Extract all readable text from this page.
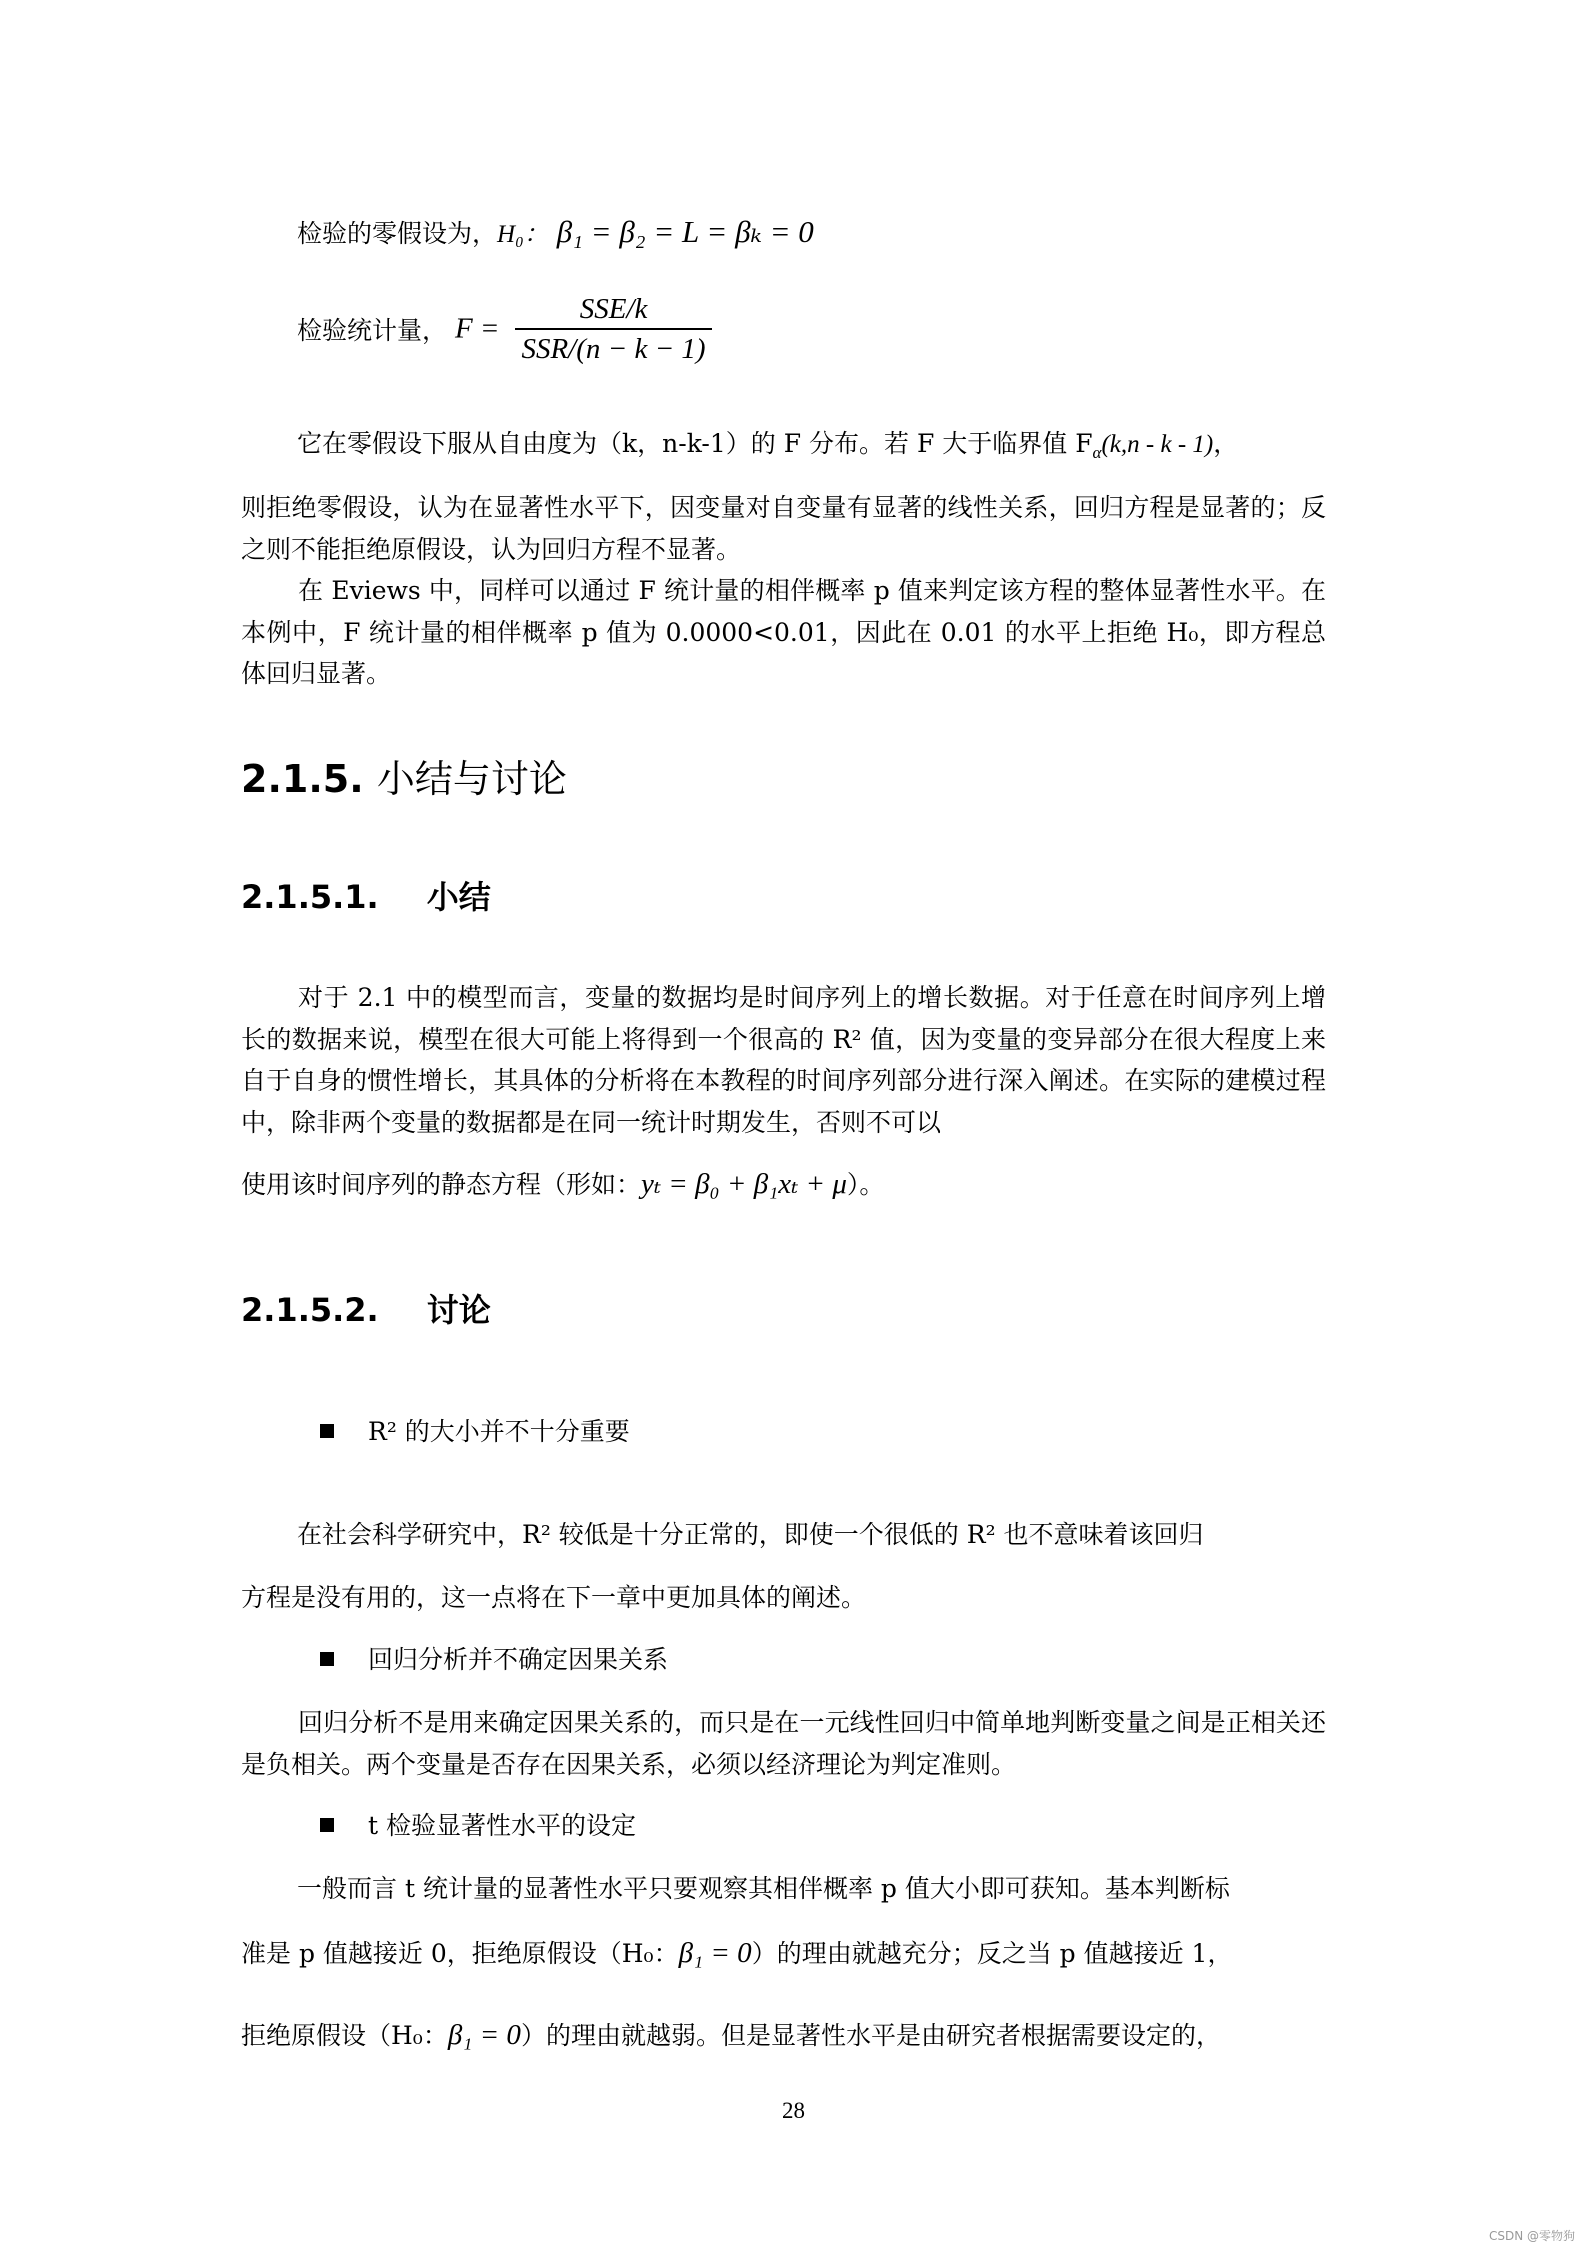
检验的零假设为，H₀： β₁ = β₂ = L = βₖ = 0
检验统计量， $F = \frac{\text{SSE/k}}{\text{SSR/(n − k − 1)}}$
它在零假设下服从自由度为（k，n-k-1）的 F 分布。若 F 大于临界值 $F_\alpha(k,n$ - k - 1)，
则拒绝零假设，认为在显著性水平下，因变量对自变量有显著的线性关系，回归方程是显著的；反之则不能拒绝原假设，认为回归方程不显著。
在 Eviews 中，同样可以通过 F 统计量的相伴概率 p 值来判定该方程的整体显著性水平。在本例中，F 统计量的相伴概率 p 值为 0.0000<0.01，因此在 0.01 的水平上拒绝 H₀，即方程总体回归显著。
2.1.5. 小结与讨论
2.1.5.1. 小结
对于 2.1 中的模型而言，变量的数据均是时间序列上的增长数据。对于任意在时间序列上增长的数据来说，模型在很大可能上将得到一个很高的 R² 值，因为变量的变异部分在很大程度上来自于自身的惯性增长，其具体的分析将在本教程的时间序列部分进行深入阐述。在实际的建模过程中，除非两个变量的数据都是在同一统计时期发生，否则不可以
使用该时间序列的静态方程（形如：yₜ = β₀ + β₁xₜ + μ）。
2.1.5.2. 讨论
R² 的大小并不十分重要
在社会科学研究中，R² 较低是十分正常的，即使一个很低的 R² 也不意味着该回归
方程是没有用的，这一点将在下一章中更加具体的阐述。
回归分析并不确定因果关系
回归分析不是用来确定因果关系的，而只是在一元线性回归中简单地判断变量之间是正相关还是负相关。两个变量是否存在因果关系，必须以经济理论为判定准则。
t 检验显著性水平的设定
一般而言 t 统计量的显著性水平只要观察其相伴概率 p 值大小即可获知。基本判断标
准是 p 值越接近 0，拒绝原假设（H₀：β₁ = 0）的理由就越充分；反之当 p 值越接近 1，
拒绝原假设（H₀：β₁ = 0）的理由就越弱。但是显著性水平是由研究者根据需要设定的，
28
CSDN @零物狗
